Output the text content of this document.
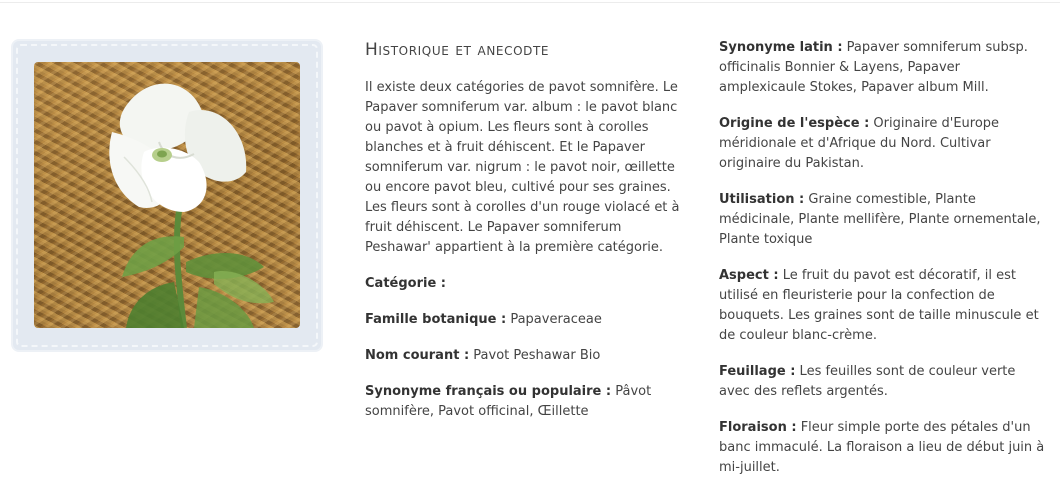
Historique et anecodte

Il existe deux catégories de pavot somnifère. Le Papaver somniferum var. album : le pavot blanc ou pavot à opium. Les fleurs sont à corolles blanches et à fruit déhiscent. Et le Papaver somniferum var. nigrum : le pavot noir, œillette ou encore pavot bleu, cultivé pour ses graines. Les fleurs sont à corolles d'un rouge violacé et à fruit déhiscent. Le Papaver somniferum Peshawar' appartient à la première catégorie.

Catégorie :

Famille botanique : Papaveraceae

Nom courant : Pavot Peshawar Bio

Synonyme français ou populaire : Pâvot somnifère, Pavot officinal, Œillette

Synonyme latin : Papaver somniferum subsp. officinalis Bonnier & Layens, Papaver amplexicaule Stokes, Papaver album Mill.

Origine de l'espèce : Originaire d'Europe méridionale et d'Afrique du Nord. Cultivar originaire du Pakistan.

Utilisation : Graine comestible, Plante médicinale, Plante mellifère, Plante ornementale, Plante toxique

Aspect : Le fruit du pavot est décoratif, il est utilisé en fleuristerie pour la confection de bouquets. Les graines sont de taille minuscule et de couleur blanc-crème.

Feuillage : Les feuilles sont de couleur verte avec des reflets argentés.

Floraison : Fleur simple porte des pétales d'un banc immaculé. La floraison a lieu de début juin à mi-juillet.
